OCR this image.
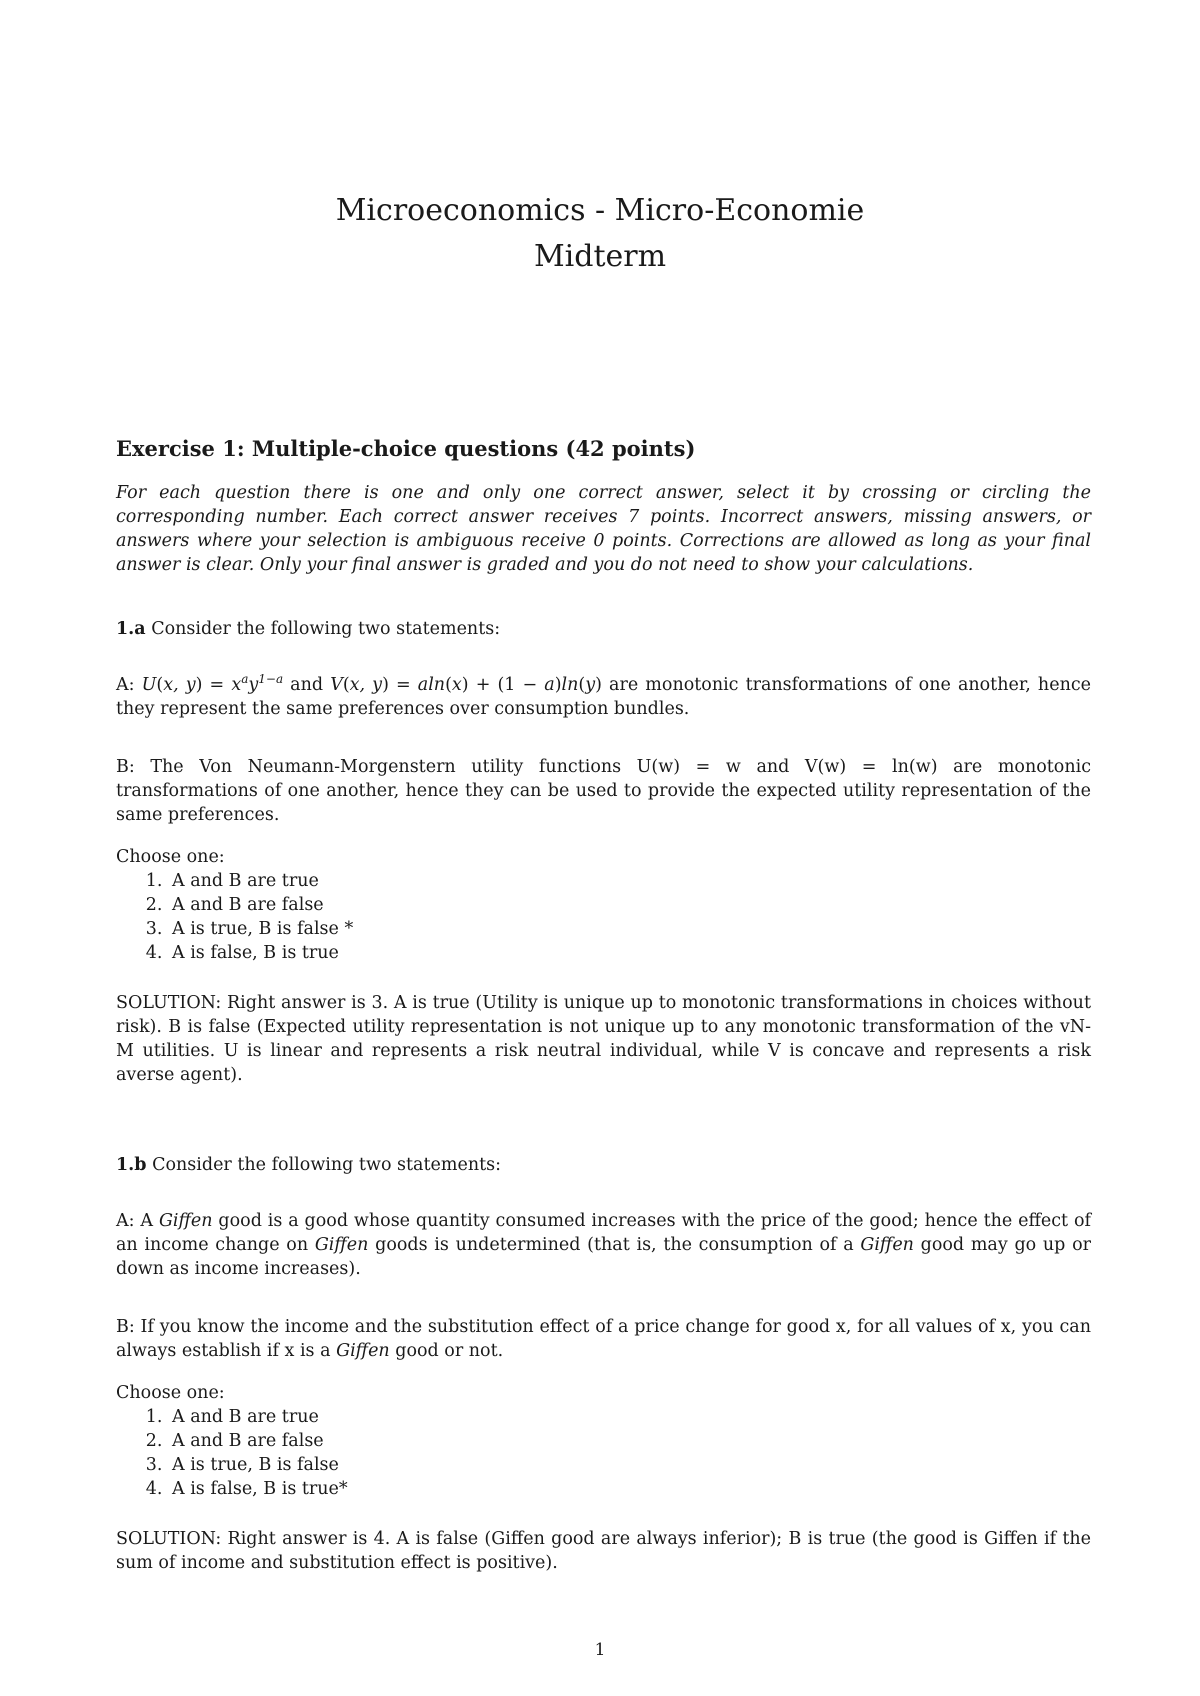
Microeconomics - Micro-Economie
Midterm
Exercise 1: Multiple-choice questions (42 points)

For each question there is one and only one correct answer, select it by crossing or circling the corresponding number. Each correct answer receives 7 points. Incorrect answers, missing answers, or answers where your selection is ambiguous receive 0 points. Corrections are allowed as long as your final answer is clear. Only your final answer is graded and you do not need to show your calculations.

1.a Consider the following two statements:

A: U(x, $y) = x^ay^{1-a}$ and V(x, y) = aln(x) + (1 − a)ln(y) are monotonic transformations of one another, hence they represent the same preferences over consumption bundles.

B: The Von Neumann-Morgenstern utility functions U(w) = w and V(w) = ln(w) are monotonic transformations of one another, hence they can be used to provide the expected utility representation of the same preferences.

Choose one:

1. A and B are true
2. A and B are false
3. A is true, B is false *
4. A is false, B is true

SOLUTION: Right answer is 3. A is true (Utility is unique up to monotonic transformations in choices without risk). B is false (Expected utility representation is not unique up to any monotonic transformation of the vN-M utilities. U is linear and represents a risk neutral individual, while V is concave and represents a risk averse agent).

1.b Consider the following two statements:

A: A Giffen good is a good whose quantity consumed increases with the price of the good; hence the effect of an income change on Giffen goods is undetermined (that is, the consumption of a Giffen good may go up or down as income increases).

B: If you know the income and the substitution effect of a price change for good x, for all values of x, you can always establish if x is a Giffen good or not.

Choose one:

1. A and B are true
2. A and B are false
3. A is true, B is false
4. A is false, B is true*

SOLUTION: Right answer is 4. A is false (Giffen good are always inferior); B is true (the good is Giffen if the sum of income and substitution effect is positive).

1
